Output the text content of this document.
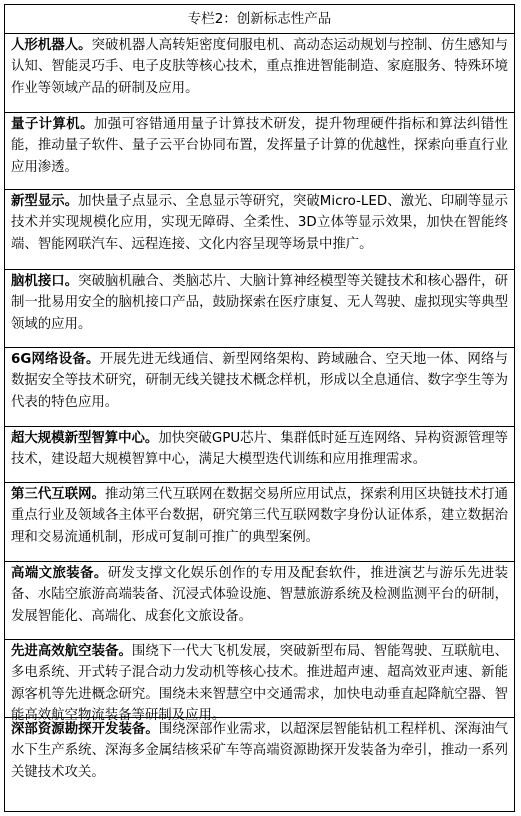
专栏2：创新标志性产品
人形机器人。突破机器人高转矩密度伺服电机、高动态运动规划与控制、仿生感知与认知、智能灵巧手、电子皮肤等核心技术，重点推进智能制造、家庭服务、特殊环境作业等领域产品的研制及应用。
量子计算机。加强可容错通用量子计算技术研发，提升物理硬件指标和算法纠错性能，推动量子软件、量子云平台协同布置，发挥量子计算的优越性，探索向垂直行业应用渗透。
新型显示。加快量子点显示、全息显示等研究，突破Micro-LED、激光、印刷等显示技术并实现规模化应用，实现无障碍、全柔性、3D立体等显示效果，加快在智能终端、智能网联汽车、远程连接、文化内容呈现等场景中推广。
脑机接口。突破脑机融合、类脑芯片、大脑计算神经模型等关键技术和核心器件，研制一批易用安全的脑机接口产品，鼓励探索在医疗康复、无人驾驶、虚拟现实等典型领域的应用。
6G网络设备。开展先进无线通信、新型网络架构、跨域融合、空天地一体、网络与数据安全等技术研究，研制无线关键技术概念样机，形成以全息通信、数字孪生等为代表的特色应用。
超大规模新型智算中心。加快突破GPU芯片、集群低时延互连网络、异构资源管理等技术，建设超大规模智算中心，满足大模型迭代训练和应用推理需求。
第三代互联网。推动第三代互联网在数据交易所应用试点，探索利用区块链技术打通重点行业及领域各主体平台数据，研究第三代互联网数字身份认证体系，建立数据治理和交易流通机制，形成可复制可推广的典型案例。
高端文旅装备。研发支撑文化娱乐创作的专用及配套软件，推进演艺与游乐先进装备、水陆空旅游高端装备、沉浸式体验设施、智慧旅游系统及检测监测平台的研制，发展智能化、高端化、成套化文旅设备。
先进高效航空装备。围绕下一代大飞机发展，突破新型布局、智能驾驶、互联航电、多电系统、开式转子混合动力发动机等核心技术。推进超声速、超高效亚声速、新能源客机等先进概念研究。围绕未来智慧空中交通需求，加快电动垂直起降航空器、智能高效航空物流装备等研制及应用。
深部资源勘探开发装备。围绕深部作业需求，以超深层智能钻机工程样机、深海油气水下生产系统、深海多金属结核采矿车等高端资源勘探开发装备为牵引，推动一系列关键技术攻关。
